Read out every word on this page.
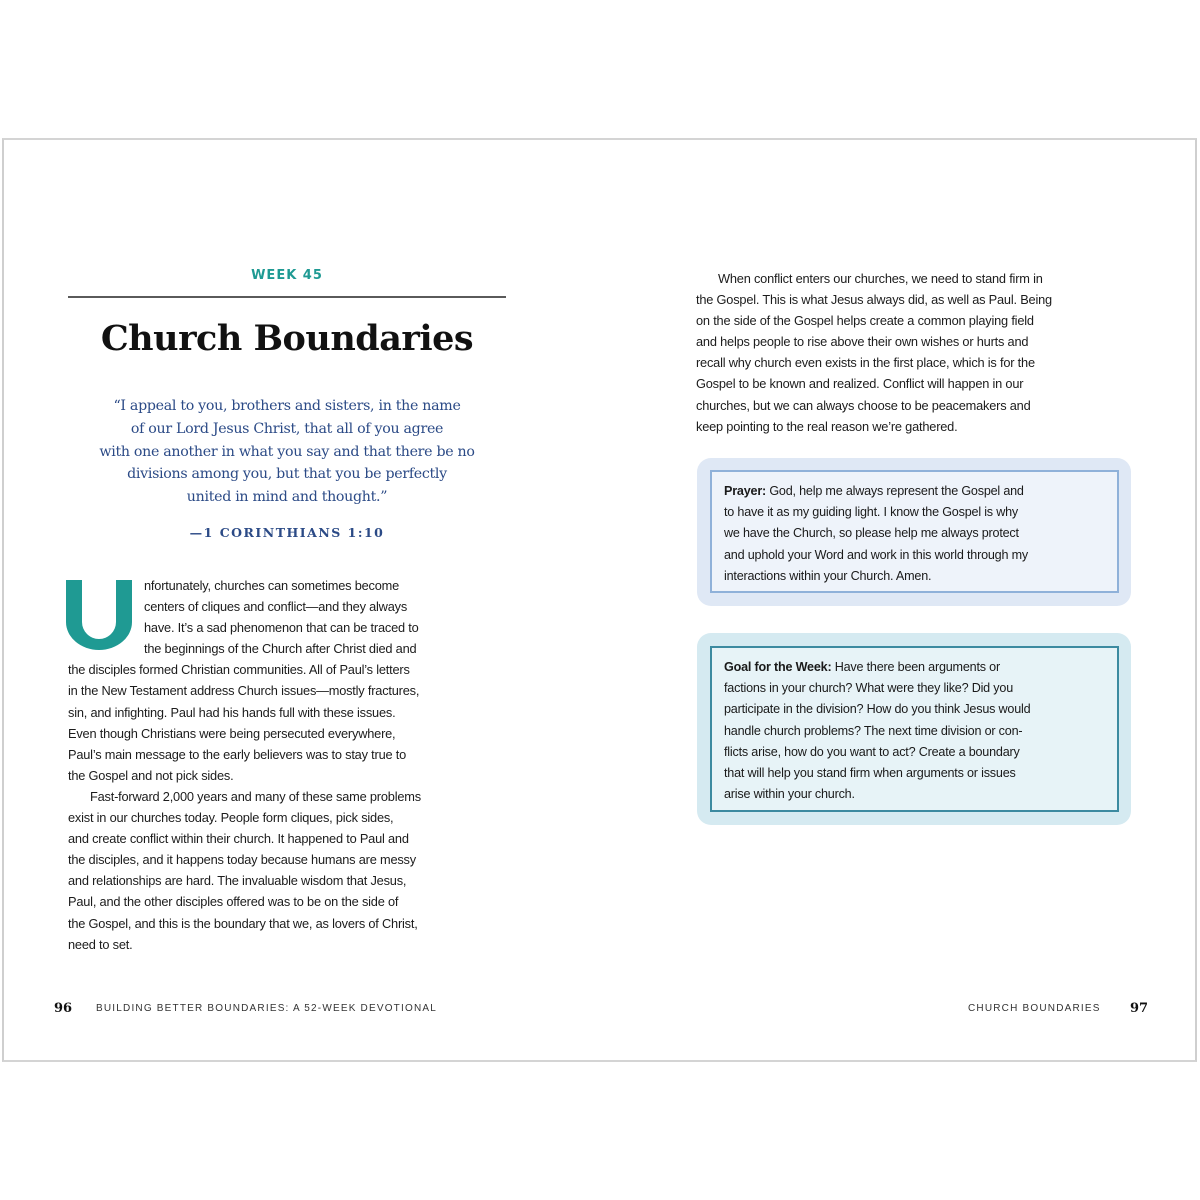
WEEK 45
Church Boundaries
“I appeal to you, brothers and sisters, in the name
of our Lord Jesus Christ, that all of you agree
with one another in what you say and that there be no
divisions among you, but that you be perfectly
united in mind and thought.”
—1 CORINTHIANS 1:10
nfortunately, churches can sometimes become
centers of cliques and conflict—and they always
have. It’s a sad phenomenon that can be traced to
the beginnings of the Church after Christ died and
the disciples formed Christian communities. All of Paul’s letters
in the New Testament address Church issues—mostly fractures,
sin, and infighting. Paul had his hands full with these issues.
Even though Christians were being persecuted everywhere,
Paul’s main message to the early believers was to stay true to
the Gospel and not pick sides.
Fast-forward 2,000 years and many of these same problems
exist in our churches today. People form cliques, pick sides,
and create conflict within their church. It happened to Paul and
the disciples, and it happens today because humans are messy
and relationships are hard. The invaluable wisdom that Jesus,
Paul, and the other disciples offered was to be on the side of
the Gospel, and this is the boundary that we, as lovers of Christ,
need to set.
96 BUILDING BETTER BOUNDARIES: A 52-WEEK DEVOTIONAL
When conflict enters our churches, we need to stand firm in
the Gospel. This is what Jesus always did, as well as Paul. Being
on the side of the Gospel helps create a common playing field
and helps people to rise above their own wishes or hurts and
recall why church even exists in the first place, which is for the
Gospel to be known and realized. Conflict will happen in our
churches, but we can always choose to be peacemakers and
keep pointing to the real reason we’re gathered.
Prayer: God, help me always represent the Gospel and
to have it as my guiding light. I know the Gospel is why
we have the Church, so please help me always protect
and uphold your Word and work in this world through my
interactions within your Church. Amen.
Goal for the Week: Have there been arguments or
factions in your church? What were they like? Did you
participate in the division? How do you think Jesus would
handle church problems? The next time division or con-
flicts arise, how do you want to act? Create a boundary
that will help you stand firm when arguments or issues
arise within your church.
CHURCH BOUNDARIES 97
